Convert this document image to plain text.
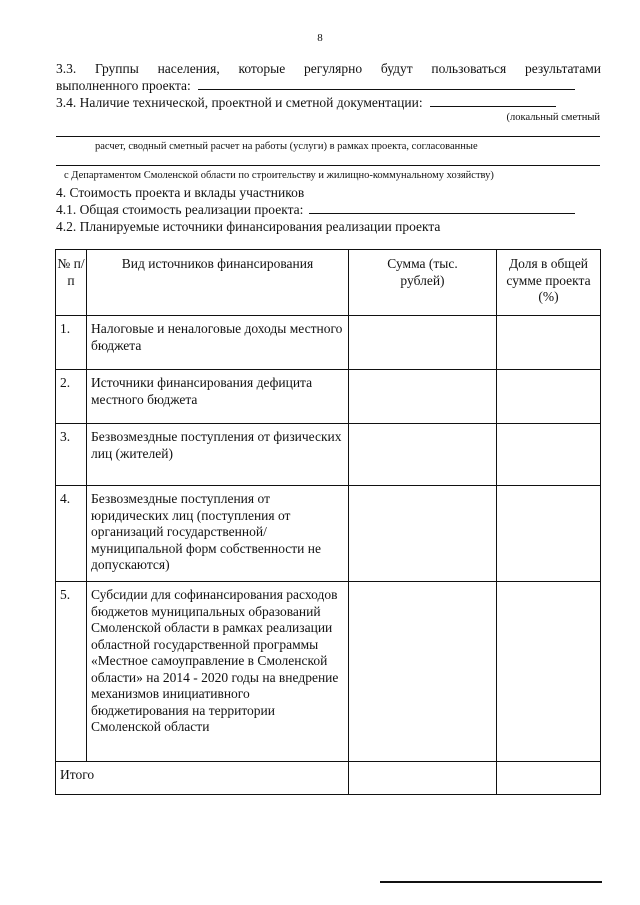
8
3.3. Группы населения, которые регулярно будут пользоваться результатами
выполненного проекта:
3.4. Наличие технической, проектной и сметной документации:
(локальный сметный
расчет, сводный сметный расчет на работы (услуги) в рамках проекта, согласованные
с Департаментом Смоленской области по строительству и жилищно-коммунальному хозяйству)
4. Стоимость проекта и вклады участников
4.1. Общая стоимость реализации проекта:
4.2. Планируемые источники финансирования реализации проекта
№ п/п	Вид источников финансирования	Сумма (тыс. рублей)	Доля в общей сумме проекта (%)
1.	Налоговые и неналоговые доходы местного бюджета		
2.	Источники финансирования дефицита местного бюджета		
3.	Безвозмездные поступления от физических лиц (жителей)		
4.	Безвозмездные поступления от юридических лиц (поступления от организаций государственной/муниципальной форм собственности не допускаются)		
5.	Субсидии для софинансирования расходов бюджетов муниципальных образований Смоленской области в рамках реализации областной государственной программы «Местное самоуправление в Смоленской области» на 2014 - 2020 годы на внедрение механизмов инициативного бюджетирования на территории Смоленской области		
Итого			
